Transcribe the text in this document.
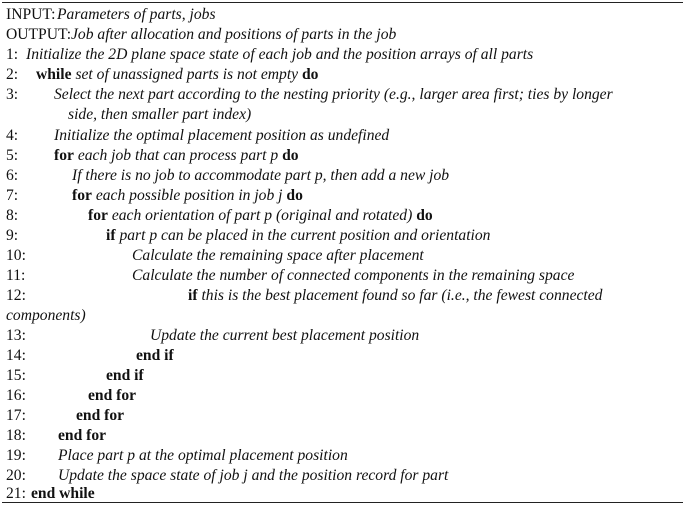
INPUT: Parameters of parts, jobs
OUTPUT: Job after allocation and positions of parts in the job
1: Initialize the 2D plane space state of each job and the position arrays of all parts
2: while set of unassigned parts is not empty do
3: Select the next part according to the nesting priority (e.g., larger area first; ties by longer
side, then smaller part index)
4: Initialize the optimal placement position as undefined
5: for each job that can process part p do
6:	If there is no job to accommodate part p, then add a new job
7:	for each possible position in job j do
8:	for each orientation of part p (original and rotated) do
9:	if part p can be placed in the current position and orientation
10:	Calculate the remaining space after placement
11:	Calculate the number of connected components in the remaining space
12:	if this is the best placement found so far (i.e., the fewest connected
components)
13:	Update the current best placement position
14:	end if
15:	end if
16:	end for
17:	end for
18: end for
19: Place part p at the optimal placement position
20: Update the space state of job j and the position record for part
21: end while
